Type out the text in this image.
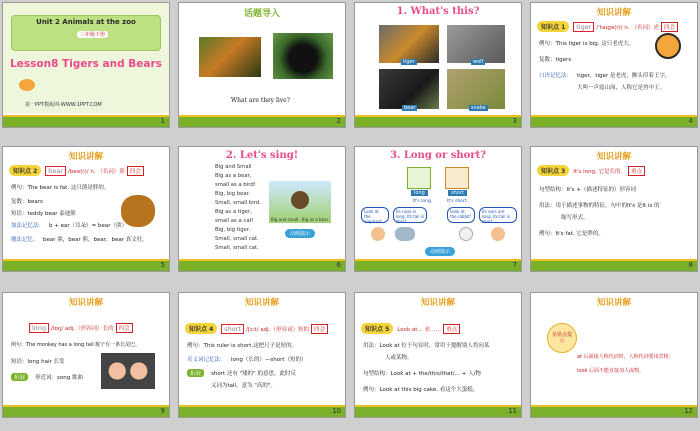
Unit 2 Animals at the zoo
三年级下册
Lesson8 Tigers and Bears
第一PPT模板网-WWW.1PPT.COM
1
话题导入
What are they live?
2
1. What's this?
tiger	wolf
bear	snake
3
知识讲解
知识点 1	tiger /ˈtaɪgə(r)/ n. （名词）虎 四会
例句：This tiger is big. 这只老虎大。
复数：tigers
口诀记忆法： tiger，tiger 是老虎，额头印着王字，
大叫一声震山岗，人称它是兽中王。
4
知识讲解
知识点 2	bear /beə(r)/ n. （名词）熊 四会
例句：The bear is fat. 这只熊是胖的。
复数：bears
短语：teddy bear 泰迪熊
加法记忆法： b + ear（耳朵）= bear（熊）
魔法记忆： bear 熊，bear 熊，bear，bear 真文壮。
5
2. Let's sing!
Big and Small
Big as a bear,
small as a bird!
Big, big bear.
Small, small bird.
Big as a tiger,
small as a cat!
Big, big tiger.
Small, small cat.
Small, small cat.
Big and small · Big as a bear
动画演示
6
3. Long or short?
long	short
It's long.	It's short.
Look at the elephant.
Its nose is long. Its tail is short.
Look at the rabbit!
Its ears are long. Its tail is short.
动画演示
7
知识讲解
知识点 3	It's long. 它是长的。 重点
句型结构：It's +（描述特征的）形容词
用法：用于描述事物的特征，句中的It's 是It is 的
缩写形式。
例句：It's fat. 它是胖的。
8
知识讲解
long /lɒŋ/ adj.（形容词）长的 四会
例句：The monkey has a long tail.猴子有一条长尾巴。
短语：long hair 长发
拓展	形近词：song 歌曲
9
知识讲解
知识点 4	short /ʃɔːt/ adj.（形容词）短的 四会
例句：This ruler is short.这把尺子是短的。
反义词记忆法： long（长的）—short（短的）
拓展	short 还有 "矮的" 的意思，此时反
义词为tall，意为 "高的"。
10
知识讲解
知识点 5	Look at… 看…… 重点
用法：Look at 位于句首时，常用于提醒别人将向某
人或某物。
句型结构：Look at + the/this/that/… + 人/物
例句：Look at this big cake. 看这个大蛋糕。
11
知识讲解
易错点提示
at 后面接人称代词时，人称代词要用宾格；
look 后面不能直接加人或物。
12
